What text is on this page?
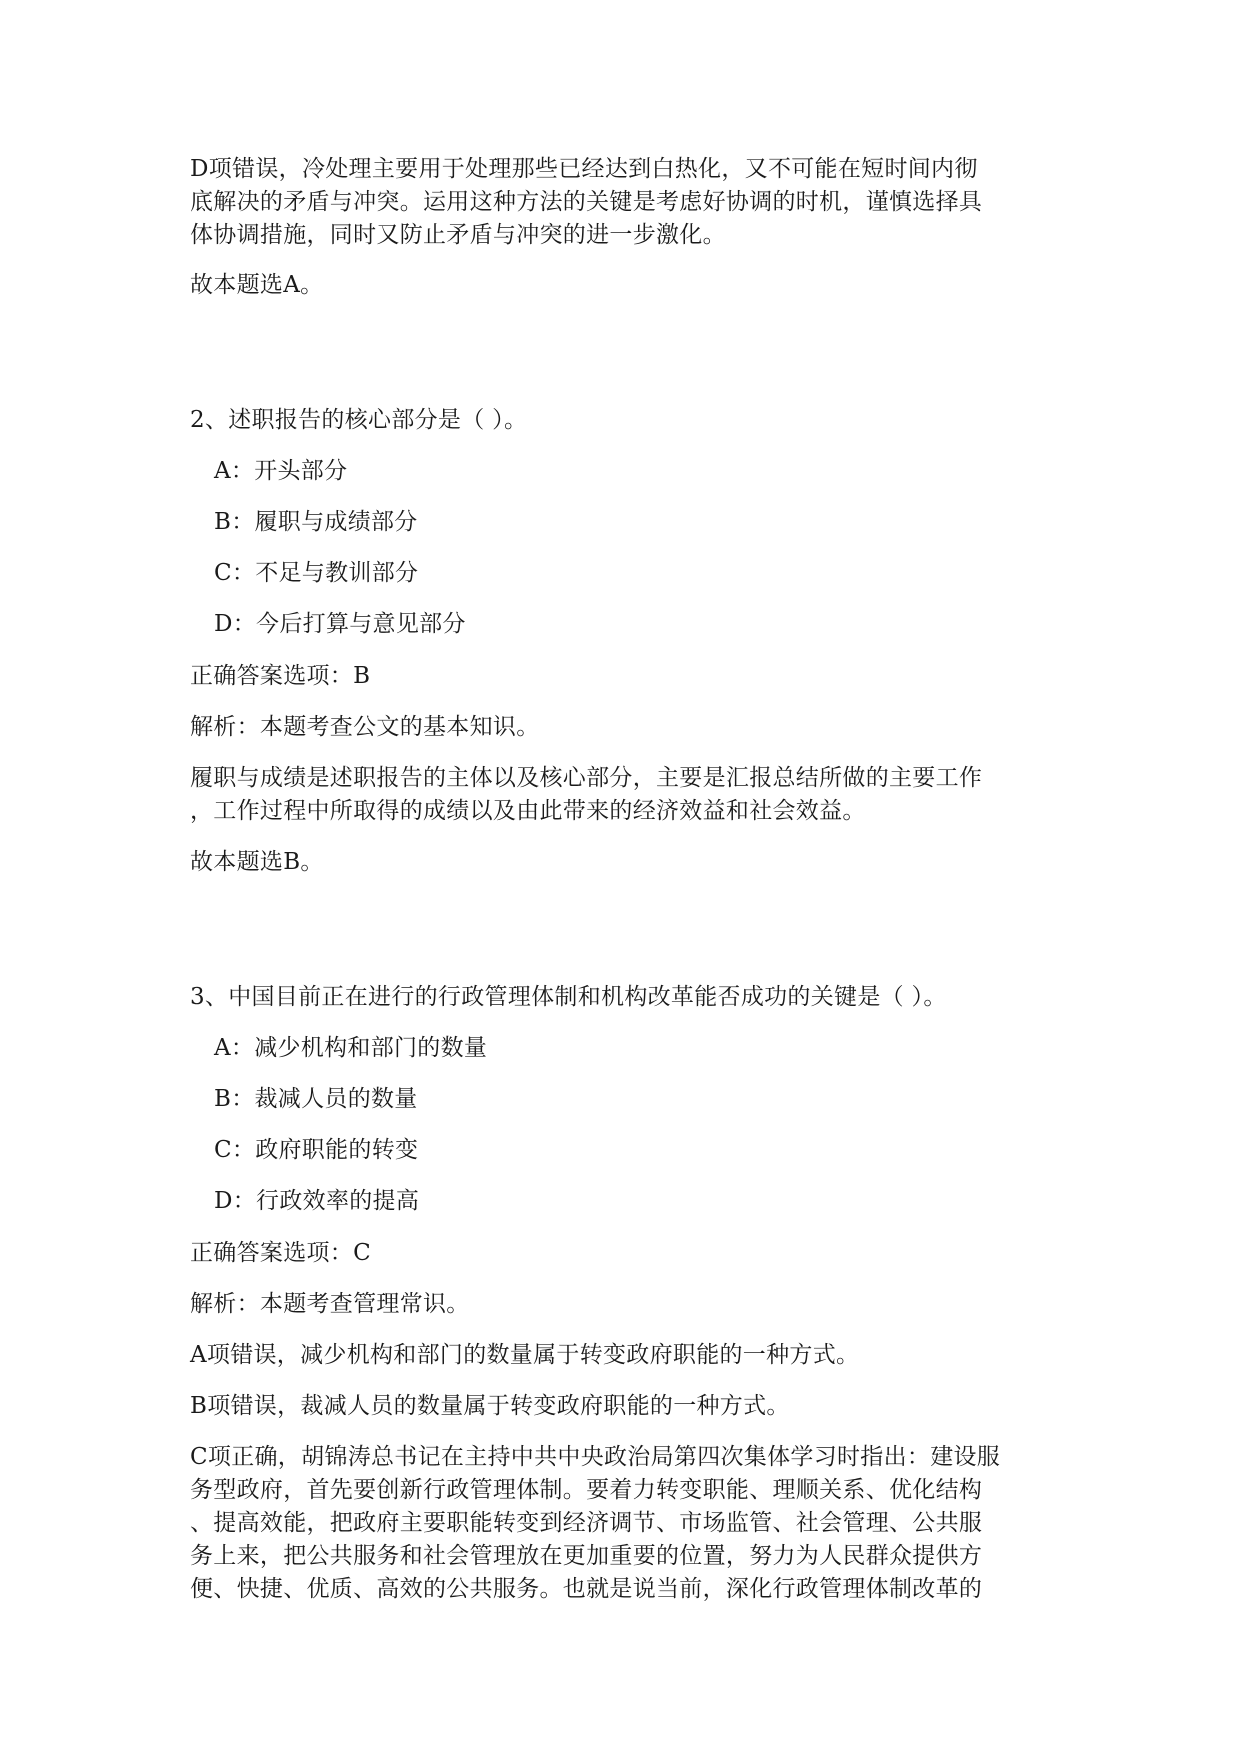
D项错误，冷处理主要用于处理那些已经达到白热化，又不可能在短时间内彻
底解决的矛盾与冲突。运用这种方法的关键是考虑好协调的时机，谨慎选择具
体协调措施，同时又防止矛盾与冲突的进一步激化。
故本题选A。
2、述职报告的核心部分是（ ）。
A：开头部分
B：履职与成绩部分
C：不足与教训部分
D：今后打算与意见部分
正确答案选项：B
解析：本题考查公文的基本知识。
履职与成绩是述职报告的主体以及核心部分，主要是汇报总结所做的主要工作
，工作过程中所取得的成绩以及由此带来的经济效益和社会效益。
故本题选B。
3、中国目前正在进行的行政管理体制和机构改革能否成功的关键是（ ）。
A：减少机构和部门的数量
B：裁减人员的数量
C：政府职能的转变
D：行政效率的提高
正确答案选项：C
解析：本题考查管理常识。
A项错误，减少机构和部门的数量属于转变政府职能的一种方式。
B项错误，裁减人员的数量属于转变政府职能的一种方式。
C项正确，胡锦涛总书记在主持中共中央政治局第四次集体学习时指出：建设服
务型政府，首先要创新行政管理体制。要着力转变职能、理顺关系、优化结构
、提高效能，把政府主要职能转变到经济调节、市场监管、社会管理、公共服
务上来，把公共服务和社会管理放在更加重要的位置，努力为人民群众提供方
便、快捷、优质、高效的公共服务。也就是说当前，深化行政管理体制改革的
